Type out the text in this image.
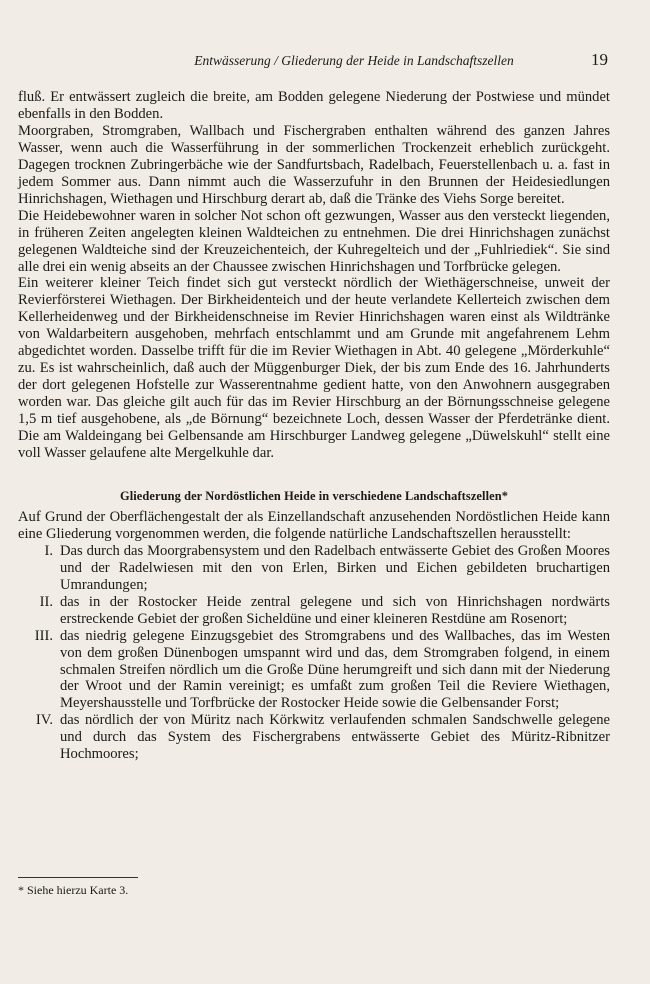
Entwässerung / Gliederung der Heide in Landschaftszellen	19

fluß. Er entwässert zugleich die breite, am Bodden gelegene Niederung der Postwiese und mündet ebenfalls in den Bodden.

Moorgraben, Stromgraben, Wallbach und Fischergraben enthalten während des ganzen Jahres Wasser, wenn auch die Wasserführung in der sommerlichen Trockenzeit erheblich zurückgeht. Dagegen trocknen Zubringerbäche wie der Sandfurtsbach, Radelbach, Feuerstellenbach u. a. fast in jedem Sommer aus. Dann nimmt auch die Wasserzufuhr in den Brunnen der Heidesiedlungen Hinrichshagen, Wiethagen und Hirschburg derart ab, daß die Tränke des Viehs Sorge bereitet.

Die Heidebewohner waren in solcher Not schon oft gezwungen, Wasser aus den versteckt liegenden, in früheren Zeiten angelegten kleinen Waldteichen zu entnehmen. Die drei Hinrichshagen zunächst gelegenen Waldteiche sind der Kreuzeichenteich, der Kuhregelteich und der „Fuhlriediek“. Sie sind alle drei ein wenig abseits an der Chaussee zwischen Hinrichshagen und Torfbrücke gelegen.

Ein weiterer kleiner Teich findet sich gut versteckt nördlich der Wiethägerschneise, unweit der Revierförsterei Wiethagen. Der Birkheidenteich und der heute verlandete Kellerteich zwischen dem Kellerheidenweg und der Birkheidenschneise im Revier Hinrichshagen waren einst als Wildtränke von Waldarbeitern ausgehoben, mehrfach entschlammt und am Grunde mit angefahrenem Lehm abgedichtet worden. Dasselbe trifft für die im Revier Wiethagen in Abt. 40 gelegene „Mörderkuhle“ zu. Es ist wahrscheinlich, daß auch der Müggenburger Diek, der bis zum Ende des 16. Jahrhunderts der dort gelegenen Hofstelle zur Wasserentnahme gedient hatte, von den Anwohnern ausgegraben worden war. Das gleiche gilt auch für das im Revier Hirschburg an der Börnungsschneise gelegene 1,5 m tief ausgehobene, als „de Börnung“ bezeichnete Loch, dessen Wasser der Pferdetränke dient. Die am Waldeingang bei Gelbensande am Hirschburger Landweg gelegene „Düwelskuhl“ stellt eine voll Wasser gelaufene alte Mergelkuhle dar.

Gliederung der Nordöstlichen Heide in verschiedene Landschaftszellen*

Auf Grund der Oberflächengestalt der als Einzellandschaft anzusehenden Nordöstlichen Heide kann eine Gliederung vorgenommen werden, die folgende natürliche Landschaftszellen herausstellt:

I. Das durch das Moorgrabensystem und den Radelbach entwässerte Gebiet des Großen Moores und der Radelwiesen mit den von Erlen, Birken und Eichen gebildeten bruchartigen Umrandungen;
II. das in der Rostocker Heide zentral gelegene und sich von Hinrichshagen nordwärts erstreckende Gebiet der großen Sicheldüne und einer kleineren Restdüne am Rosenort;
III. das niedrig gelegene Einzugsgebiet des Stromgrabens und des Wallbaches, das im Westen von dem großen Dünenbogen umspannt wird und das, dem Stromgraben folgend, in einem schmalen Streifen nördlich um die Große Düne herumgreift und sich dann mit der Niederung der Wroot und der Ramin vereinigt; es umfaßt zum großen Teil die Reviere Wiethagen, Meyershausstelle und Torfbrücke der Rostocker Heide sowie die Gelbensander Forst;
IV. das nördlich der von Müritz nach Körkwitz verlaufenden schmalen Sandschwelle gelegene und durch das System des Fischergrabens entwässerte Gebiet des Müritz-Ribnitzer Hochmoores;
* Siehe hierzu Karte 3.
